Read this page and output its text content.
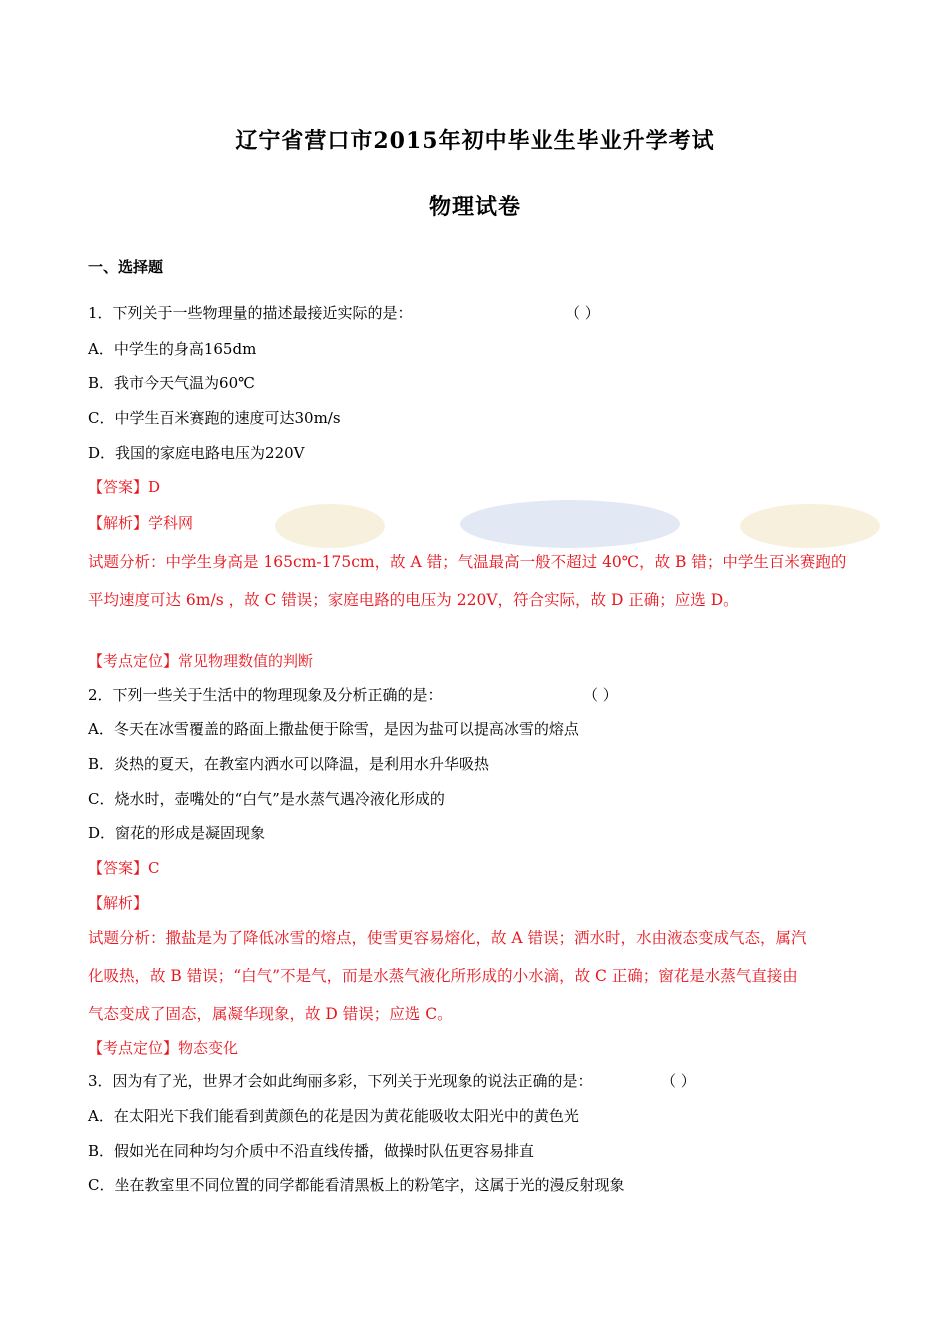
辽宁省营口市2015年初中毕业生毕业升学考试
物理试卷
一、选择题
1．下列关于一些物理量的描述最接近实际的是：	（ ）
A．中学生的身高165dm
B．我市今天气温为60℃
C．中学生百米赛跑的速度可达30m/s
D．我国的家庭电路电压为220V
【答案】D
【解析】学科网
试题分析：中学生身高是 165cm-175cm，故 A 错；气温最高一般不超过 40℃，故 B 错；中学生百米赛跑的
平均速度可达 6m/s ，故 C 错误；家庭电路的电压为 220V，符合实际，故 D 正确；应选 D。
【考点定位】常见物理数值的判断
2．下列一些关于生活中的物理现象及分析正确的是：	（ ）
A．冬天在冰雪覆盖的路面上撒盐便于除雪，是因为盐可以提高冰雪的熔点
B．炎热的夏天，在教室内洒水可以降温，是利用水升华吸热
C．烧水时，壶嘴处的“白气”是水蒸气遇冷液化形成的
D．窗花的形成是凝固现象
【答案】C
【解析】
试题分析：撒盐是为了降低冰雪的熔点，使雪更容易熔化，故 A 错误；洒水时，水由液态变成气态，属汽
化吸热，故 B 错误；“白气”不是气，而是水蒸气液化所形成的小水滴，故 C 正确；窗花是水蒸气直接由
气态变成了固态，属凝华现象，故 D 错误；应选 C。
【考点定位】物态变化
3．因为有了光，世界才会如此绚丽多彩，下列关于光现象的说法正确的是：	（ ）
A．在太阳光下我们能看到黄颜色的花是因为黄花能吸收太阳光中的黄色光
B．假如光在同种均匀介质中不沿直线传播，做操时队伍更容易排直
C．坐在教室里不同位置的同学都能看清黑板上的粉笔字，这属于光的漫反射现象
